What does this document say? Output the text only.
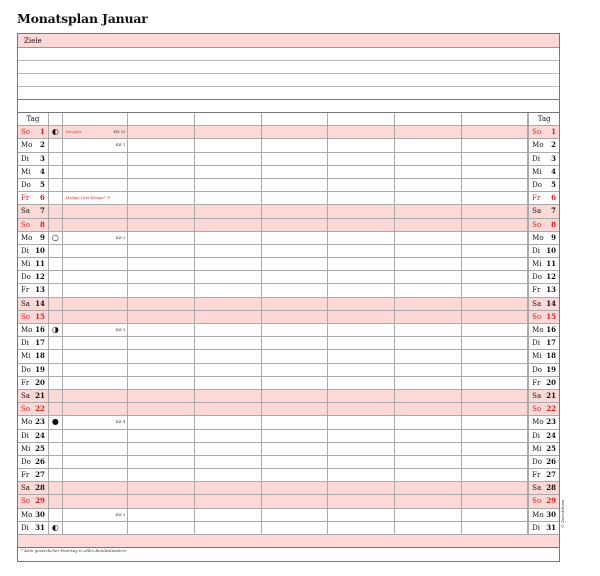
Monatsplan Januar
Ziele
Tag	Tag
So 1 ◐	Neujahr	KW 52	So 1
Mo 2	KW 1	Mo 2
Di 3	Di 3
Mi 4	Mi 4
Do 5	Do 5
Fr 6	Heilige Drei Könige* ®	Fr 6
Sa 7	Sa 7
So 8	So 8
Mo 9 ○	KW 2	Mo 9
Di 10	Di 10
Mi 11	Mi 11
Do 12	Do 12
Fr 13	Fr 13
Sa 14	Sa 14
So 15	So 15
Mo 16 ◑	KW 3	Mo 16
Di 17	Di 17
Mi 18	Mi 18
Do 19	Do 19
Fr 20	Fr 20
Sa 21	Sa 21
So 22	So 22
Mo 23 ●	KW 4	Mo 23
Di 24	Di 24
Mi 25	Mi 25
Do 26	Do 26
Fr 27	Fr 27
Sa 28	Sa 28
So 29	So 29
Mo 30	KW 5	Mo 30
Di 31 ◐	Di 31
* Kein gesetzlicher Feiertag in allen Bundesländern
© Zweckform
